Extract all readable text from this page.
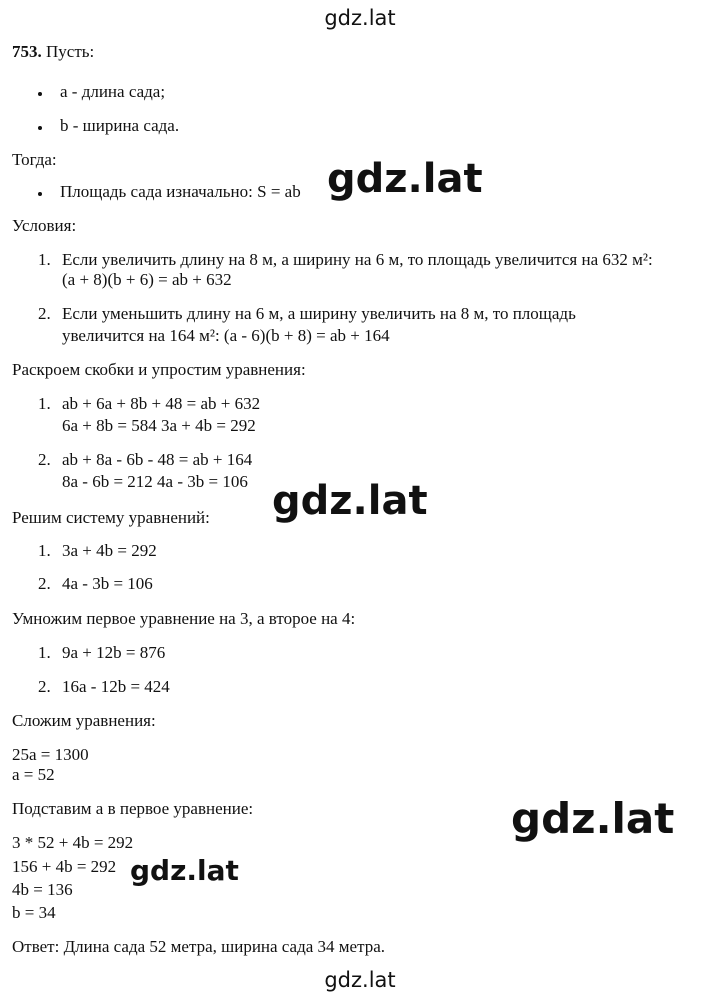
gdz.lat
753. Пусть:
a - длина сада;
b - ширина сада.
Тогда:
Площадь сада изначально: S = ab
Условия:
1. Если увеличить длину на 8 м, а ширину на 6 м, то площадь увеличится на 632 м²:
(a + 8)(b + 6) = ab + 632
2. Если уменьшить длину на 6 м, а ширину увеличить на 8 м, то площадь
увеличится на 164 м²: (a - 6)(b + 8) = ab + 164
Раскроем скобки и упростим уравнения:
1. ab + 6a + 8b + 48 = ab + 632
6a + 8b = 584 3a + 4b = 292
2. ab + 8a - 6b - 48 = ab + 164
8a - 6b = 212 4a - 3b = 106
Решим систему уравнений:
1. 3a + 4b = 292
2. 4a - 3b = 106
Умножим первое уравнение на 3, а второе на 4:
1. 9a + 12b = 876
2. 16a - 12b = 424
Сложим уравнения:
25a = 1300
a = 52
Подставим а в первое уравнение:
3 * 52 + 4b = 292
156 + 4b = 292
4b = 136
b = 34
Ответ: Длина сада 52 метра, ширина сада 34 метра.
gdz.lat
gdz.lat
gdz.lat
gdz.lat
gdz.lat
